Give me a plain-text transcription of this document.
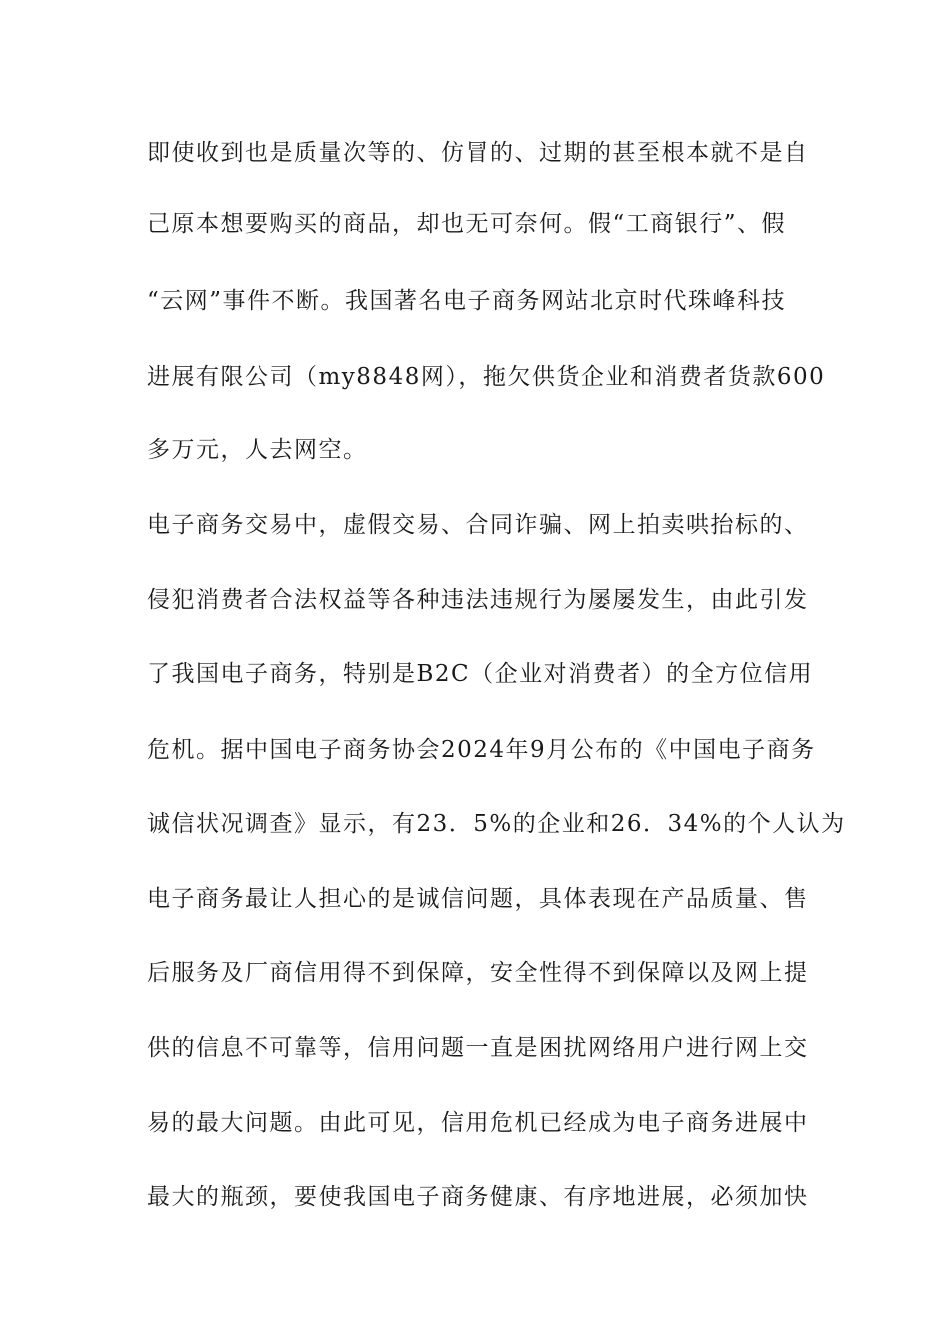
即使收到也是质量次等的、仿冒的、过期的甚至根本就不是自
己原本想要购买的商品，却也无可奈何。假“工商银行”、假
“云网”事件不断。我国著名电子商务网站北京时代珠峰科技
进展有限公司（my8848网），拖欠供货企业和消费者货款600
多万元，人去网空。
电子商务交易中，虚假交易、合同诈骗、网上拍卖哄抬标的、
侵犯消费者合法权益等各种违法违规行为屡屡发生，由此引发
了我国电子商务，特别是B2C（企业对消费者）的全方位信用
危机。据中国电子商务协会2024年9月公布的《中国电子商务
诚信状况调查》显示，有23．5%的企业和26．34%的个人认为
电子商务最让人担心的是诚信问题，具体表现在产品质量、售
后服务及厂商信用得不到保障，安全性得不到保障以及网上提
供的信息不可靠等，信用问题一直是困扰网络用户进行网上交
易的最大问题。由此可见，信用危机已经成为电子商务进展中
最大的瓶颈，要使我国电子商务健康、有序地进展，必须加快
